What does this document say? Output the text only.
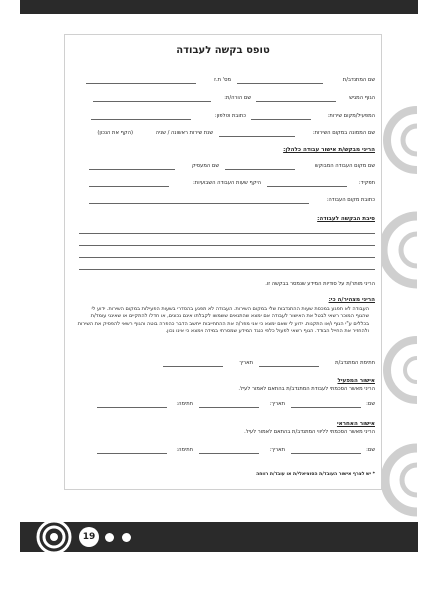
טופס בקשה לעבודה
שם המתנדב/ת
מס' ת.ז
הגוף המגיש
שם הורה/ת:
המפעיל/מקום שירות:
כתובת וטלפון:
שם הממונה במקום השירות:
שנת שירות ראשונה / שניה
(הקף את הנכון)
הריני מבקש/ת אישור עבודה כלהלן:
שם מקום העבודה המבוקש
שם המעסיק
תפקיד:
היקף שעות העבודה השבועיות:
כתובת מקום העבודה:
סיבת הבקשה לעבודה:
הריני מותר/ת על סודיות המידע שנמסר בבקשה זו.
הריני מצהיר/ה כי:
העבודה לא תפגע במכסת שעות ההתנדבות שלי במקום השירות. העבודה לא תפגע בהסדרי בשעות הפעילות במקום השירות. ידוע לי שהגוף המוכר רשאי לבטל את האישור לעבודה אם ימצא שהתנאים ששמשו לקבלתו אינם נכונים, או חדלו להתקיים או שאינני עומד/ת בכללים ע"י הגוף ו/או התקנות. ידוע לי שאם ימצא כי אני מפר/ה את ההתחייבות ייחשב הדבר כהפרה בוטה והגוף רשאי להפסיק את השירות ולהחזיר את החייל הבודד. הגוף רשאי לפעול כלפי כנגד המידע שמסרתי במידה וימצא כי אינו נכון.
חתימת המתנדב/ת
תאריך
אישור המפעיל
הריני מאשר הסכמתי לעבודת המתנדב/ת בהתאם לאמור לעיל.
שם:
תאריך:
חתימה:
אישור האחראי
הריני מאשר הסכמתי לליווי המתנדב/ת בהתאם לאמור לעיל.
שם:
תאריך:
חתימה:
* יש לצרף אישור העובד/ת הסוציאלי/ת או עובד/ת רווחה
19
